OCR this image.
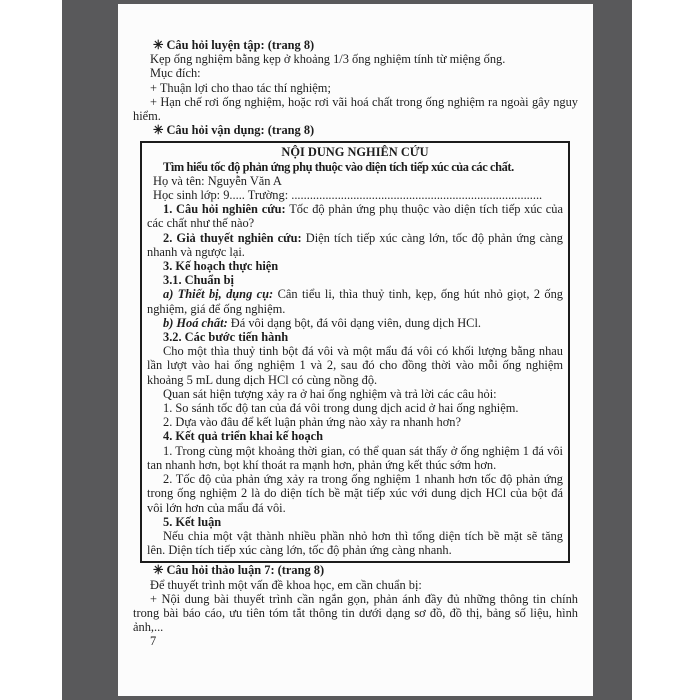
✳ Câu hỏi luyện tập: (trang 8)

Kẹp ống nghiệm bằng kẹp ở khoảng 1/3 ống nghiệm tính từ miệng ống.

Mục đích:

+ Thuận lợi cho thao tác thí nghiệm;

+ Hạn chế rơi ống nghiệm, hoặc rơi vãi hoá chất trong ống nghiệm ra ngoài gây nguy hiểm.

✳ Câu hỏi vận dụng: (trang 8)

NỘI DUNG NGHIÊN CỨU

Tìm hiểu tốc độ phản ứng phụ thuộc vào diện tích tiếp xúc của các chất.

Họ và tên: Nguyễn Văn A

Học sinh lớp: 9..... Trường: .................................................................................

1. Câu hỏi nghiên cứu: Tốc độ phản ứng phụ thuộc vào diện tích tiếp xúc của các chất như thế nào?

2. Giả thuyết nghiên cứu: Diện tích tiếp xúc càng lớn, tốc độ phản ứng càng nhanh và ngược lại.

3. Kế hoạch thực hiện

3.1. Chuẩn bị

a) Thiết bị, dụng cụ: Cân tiểu li, thìa thuỷ tinh, kẹp, ống hút nhỏ giọt, 2 ống nghiệm, giá để ống nghiệm.

b) Hoá chất: Đá vôi dạng bột, đá vôi dạng viên, dung dịch HCl.

3.2. Các bước tiến hành

Cho một thìa thuỷ tinh bột đá vôi và một mẩu đá vôi có khối lượng bằng nhau lần lượt vào hai ống nghiệm 1 và 2, sau đó cho đồng thời vào mỗi ống nghiệm khoảng 5 mL dung dịch HCl có cùng nồng độ.

Quan sát hiện tượng xảy ra ở hai ống nghiệm và trả lời các câu hỏi:

1. So sánh tốc độ tan của đá vôi trong dung dịch acid ở hai ống nghiệm.

2. Dựa vào đâu để kết luận phản ứng nào xảy ra nhanh hơn?

4. Kết quả triển khai kế hoạch

1. Trong cùng một khoảng thời gian, có thể quan sát thấy ở ống nghiệm 1 đá vôi tan nhanh hơn, bọt khí thoát ra mạnh hơn, phản ứng kết thúc sớm hơn.

2. Tốc độ của phản ứng xảy ra trong ống nghiệm 1 nhanh hơn tốc độ phản ứng trong ống nghiệm 2 là do diện tích bề mặt tiếp xúc với dung dịch HCl của bột đá vôi lớn hơn của mẩu đá vôi.

5. Kết luận

Nếu chia một vật thành nhiều phần nhỏ hơn thì tổng diện tích bề mặt sẽ tăng lên. Diện tích tiếp xúc càng lớn, tốc độ phản ứng càng nhanh.

✳ Câu hỏi thảo luận 7: (trang 8)

Để thuyết trình một vấn đề khoa học, em cần chuẩn bị:

+ Nội dung bài thuyết trình cần ngắn gọn, phản ánh đầy đủ những thông tin chính trong bài báo cáo, ưu tiên tóm tắt thông tin dưới dạng sơ đồ, đồ thị, bảng số liệu, hình ảnh,...

7
